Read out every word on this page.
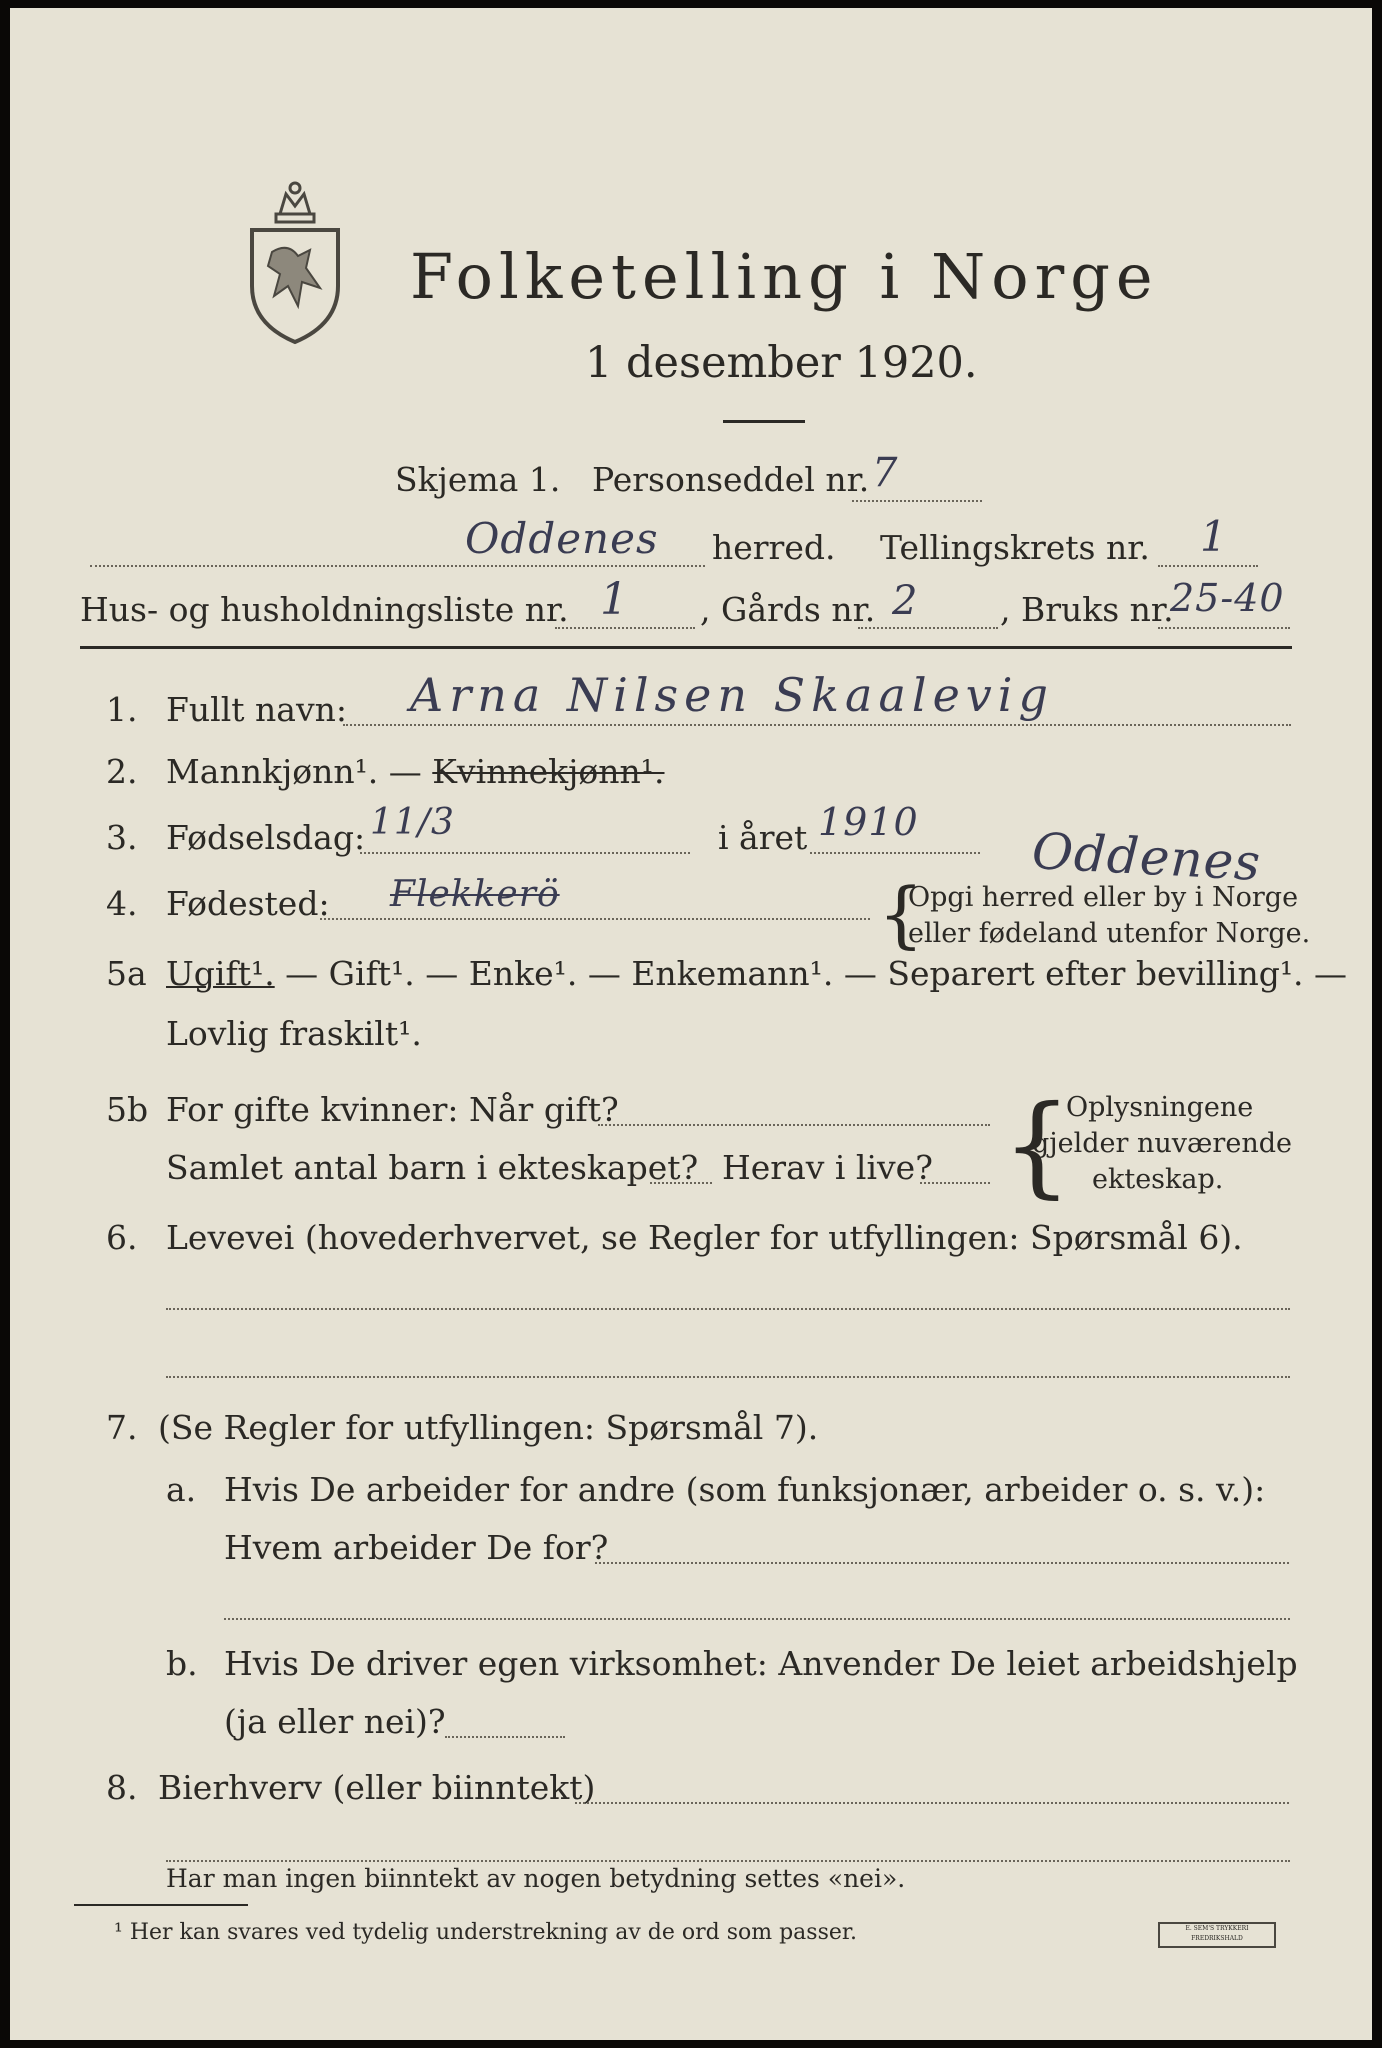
Folketelling i Norge
1 desember 1920.
Skjema 1. Personseddel nr. 7
Oddenes herred. Tellingskrets nr. 1
Hus- og husholdningsliste nr. 1 , Gårds nr. 2 , Bruks nr.
25-40
1. Fullt navn: Arna Nilsen Skaalevig
2. Mannkjønn¹. — Kvinnekjønn¹.
3. Fødselsdag: 11/3	i året 1910
4. Fødested: Flekkerö
Oddenes
{
Opgi herred eller by i Norge
eller fødeland utenfor Norge.
5a Ugift¹. — Gift¹. — Enke¹. — Enkemann¹. — Separert efter bevilling¹. —
Lovlig fraskilt¹.
5b For gifte kvinner: Når gift?
Samlet antal barn i ekteskapet? Herav i live? {
Oplysningene
gjelder nuværende
ekteskap.
6. Levevei (hovederhvervet, se Regler for utfyllingen: Spørsmål 6).
7. (Se Regler for utfyllingen: Spørsmål 7).
a. Hvis De arbeider for andre (som funksjonær, arbeider o. s. v.):
Hvem arbeider De for?
b. Hvis De driver egen virksomhet: Anvender De leiet arbeidshjelp
(ja eller nei)?
8. Bierhverv (eller biinntekt)
Har man ingen biinntekt av nogen betydning settes «nei».
¹ Her kan svares ved tydelig understrekning av de ord som passer.	E. SEM'S TRYKKERI FREDRIKSHALD
